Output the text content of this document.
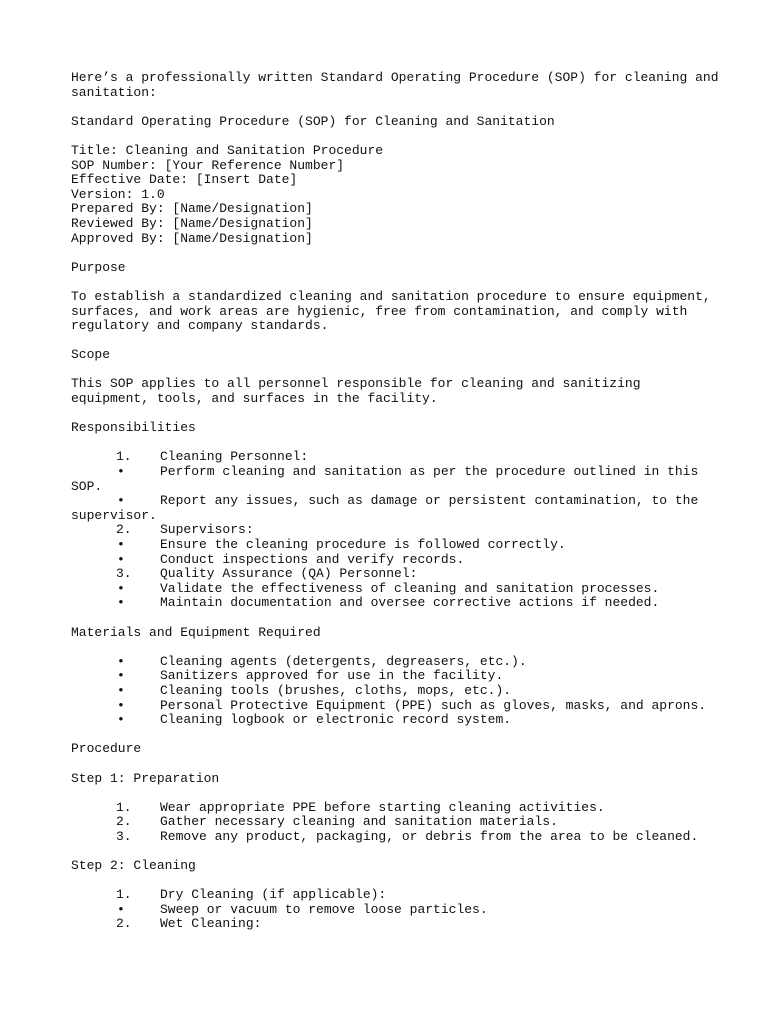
Here’s a professionally written Standard Operating Procedure (SOP) for cleaning and
sanitation:
Standard Operating Procedure (SOP) for Cleaning and Sanitation
Title: Cleaning and Sanitation Procedure
SOP Number: [Your Reference Number]
Effective Date: [Insert Date]
Version: 1.0
Prepared By: [Name/Designation]
Reviewed By: [Name/Designation]
Approved By: [Name/Designation]
Purpose
To establish a standardized cleaning and sanitation procedure to ensure equipment,
surfaces, and work areas are hygienic, free from contamination, and comply with
regulatory and company standards.
Scope
This SOP applies to all personnel responsible for cleaning and sanitizing
equipment, tools, and surfaces in the facility.
Responsibilities

1.

Cleaning Personnel:

•

	Perform cleaning and sanitation as per the procedure outlined in this

SOP.

•

	Report any issues, such as damage or persistent contamination, to the

supervisor.

2.

Supervisors:

•

	Ensure the cleaning procedure is followed correctly.

•

	Conduct inspections and verify records.

3.

Quality Assurance (QA) Personnel:

•

	Validate the effectiveness of cleaning and sanitation processes.

•

	Maintain documentation and oversee corrective actions if needed.

Materials and Equipment Required

•

	Cleaning agents (detergents, degreasers, etc.).

•

	Sanitizers approved for use in the facility.

•

	Cleaning tools (brushes, cloths, mops, etc.).

•

	Personal Protective Equipment (PPE) such as gloves, masks, and aprons.

•

	Cleaning logbook or electronic record system.

Procedure
Step 1: Preparation

1.

Wear appropriate PPE before starting cleaning activities.

2.

Gather necessary cleaning and sanitation materials.

3.

Remove any product, packaging, or debris from the area to be cleaned.

Step 2: Cleaning

1.

Dry Cleaning (if applicable):

•

	Sweep or vacuum to remove loose particles.

2.

Wet Cleaning:
